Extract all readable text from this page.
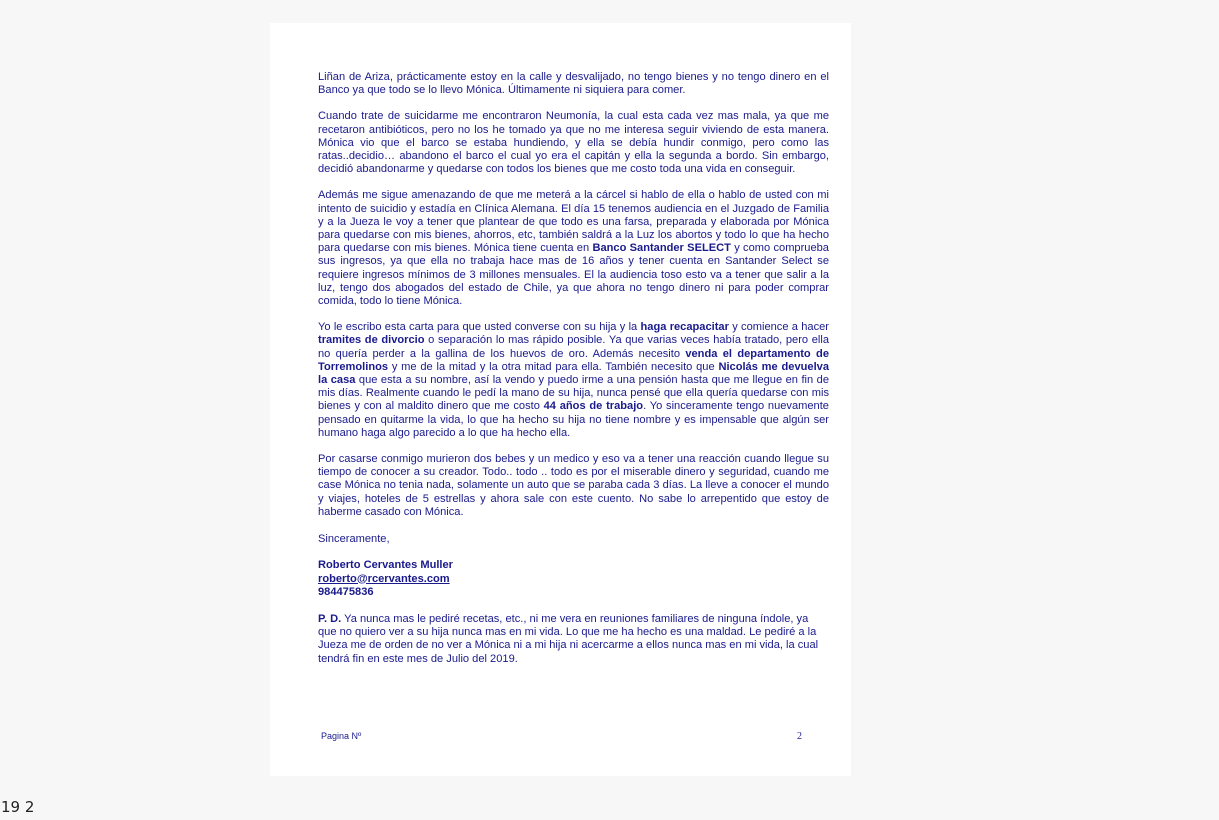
Liñan de Ariza, prácticamente estoy en la calle y desvalijado, no tengo bienes y no tengo dinero en el Banco ya que todo se lo llevo Mónica. Últimamente ni siquiera para comer.

Cuando trate de suicidarme me encontraron Neumonía, la cual esta cada vez mas mala, ya que me recetaron antibióticos, pero no los he tomado ya que no me interesa seguir viviendo de esta manera. Mónica vio que el barco se estaba hundiendo, y ella se debía hundir conmigo, pero como las ratas..decidio… abandono el barco el cual yo era el capitán y ella la segunda a bordo. Sin embargo, decidió abandonarme y quedarse con todos los bienes que me costo toda una vida en conseguir.

Además me sigue amenazando de que me meterá a la cárcel si hablo de ella o hablo de usted con mi intento de suicidio y estadía en Clínica Alemana. El día 15 tenemos audiencia en el Juzgado de Familia y a la Jueza le voy a tener que plantear de que todo es una farsa, preparada y elaborada por Mónica para quedarse con mis bienes, ahorros, etc, también saldrá a la Luz los abortos y todo lo que ha hecho para quedarse con mis bienes. Mónica tiene cuenta en Banco Santander SELECT y como comprueba sus ingresos, ya que ella no trabaja hace mas de 16 años y tener cuenta en Santander Select se requiere ingresos mínimos de 3 millones mensuales. El la audiencia toso esto va a tener que salir a la luz, tengo dos abogados del estado de Chile, ya que ahora no tengo dinero ni para poder comprar comida, todo lo tiene Mónica.

Yo le escribo esta carta para que usted converse con su hija y la haga recapacitar y comience a hacer tramites de divorcio o separación lo mas rápido posible. Ya que varias veces había tratado, pero ella no quería perder a la gallina de los huevos de oro. Además necesito venda el departamento de Torremolinos y me de la mitad y la otra mitad para ella. También necesito que Nicolás me devuelva la casa que esta a su nombre, así la vendo y puedo irme a una pensión hasta que me llegue en fin de mis días. Realmente cuando le pedí la mano de su hija, nunca pensé que ella quería quedarse con mis bienes y con al maldito dinero que me costo 44 años de trabajo. Yo sinceramente tengo nuevamente pensado en quitarme la vida, lo que ha hecho su hija no tiene nombre y es impensable que algún ser humano haga algo parecido a lo que ha hecho ella.

Por casarse conmigo murieron dos bebes y un medico y eso va a tener una reacción cuando llegue su tiempo de conocer a su creador. Todo.. todo .. todo es por el miserable dinero y seguridad, cuando me case Mónica no tenia nada, solamente un auto que se paraba cada 3 días. La lleve a conocer el mundo y viajes, hoteles de 5 estrellas y ahora sale con este cuento. No sabe lo arrepentido que estoy de haberme casado con Mónica.

Sinceramente,
Roberto Cervantes Muller
roberto@rcervantes.com
984475836

P. D. Ya nunca mas le pediré recetas, etc., ni me vera en reuniones familiares de ninguna índole, ya que no quiero ver a su hija nunca mas en mi vida. Lo que me ha hecho es una maldad. Le pediré a la Jueza me de orden de no ver a Mónica ni a mi hija ni acercarme a ellos nunca mas en mi vida, la cual tendrá fin en este mes de Julio del 2019.

Pagina Nº	2
19 2
